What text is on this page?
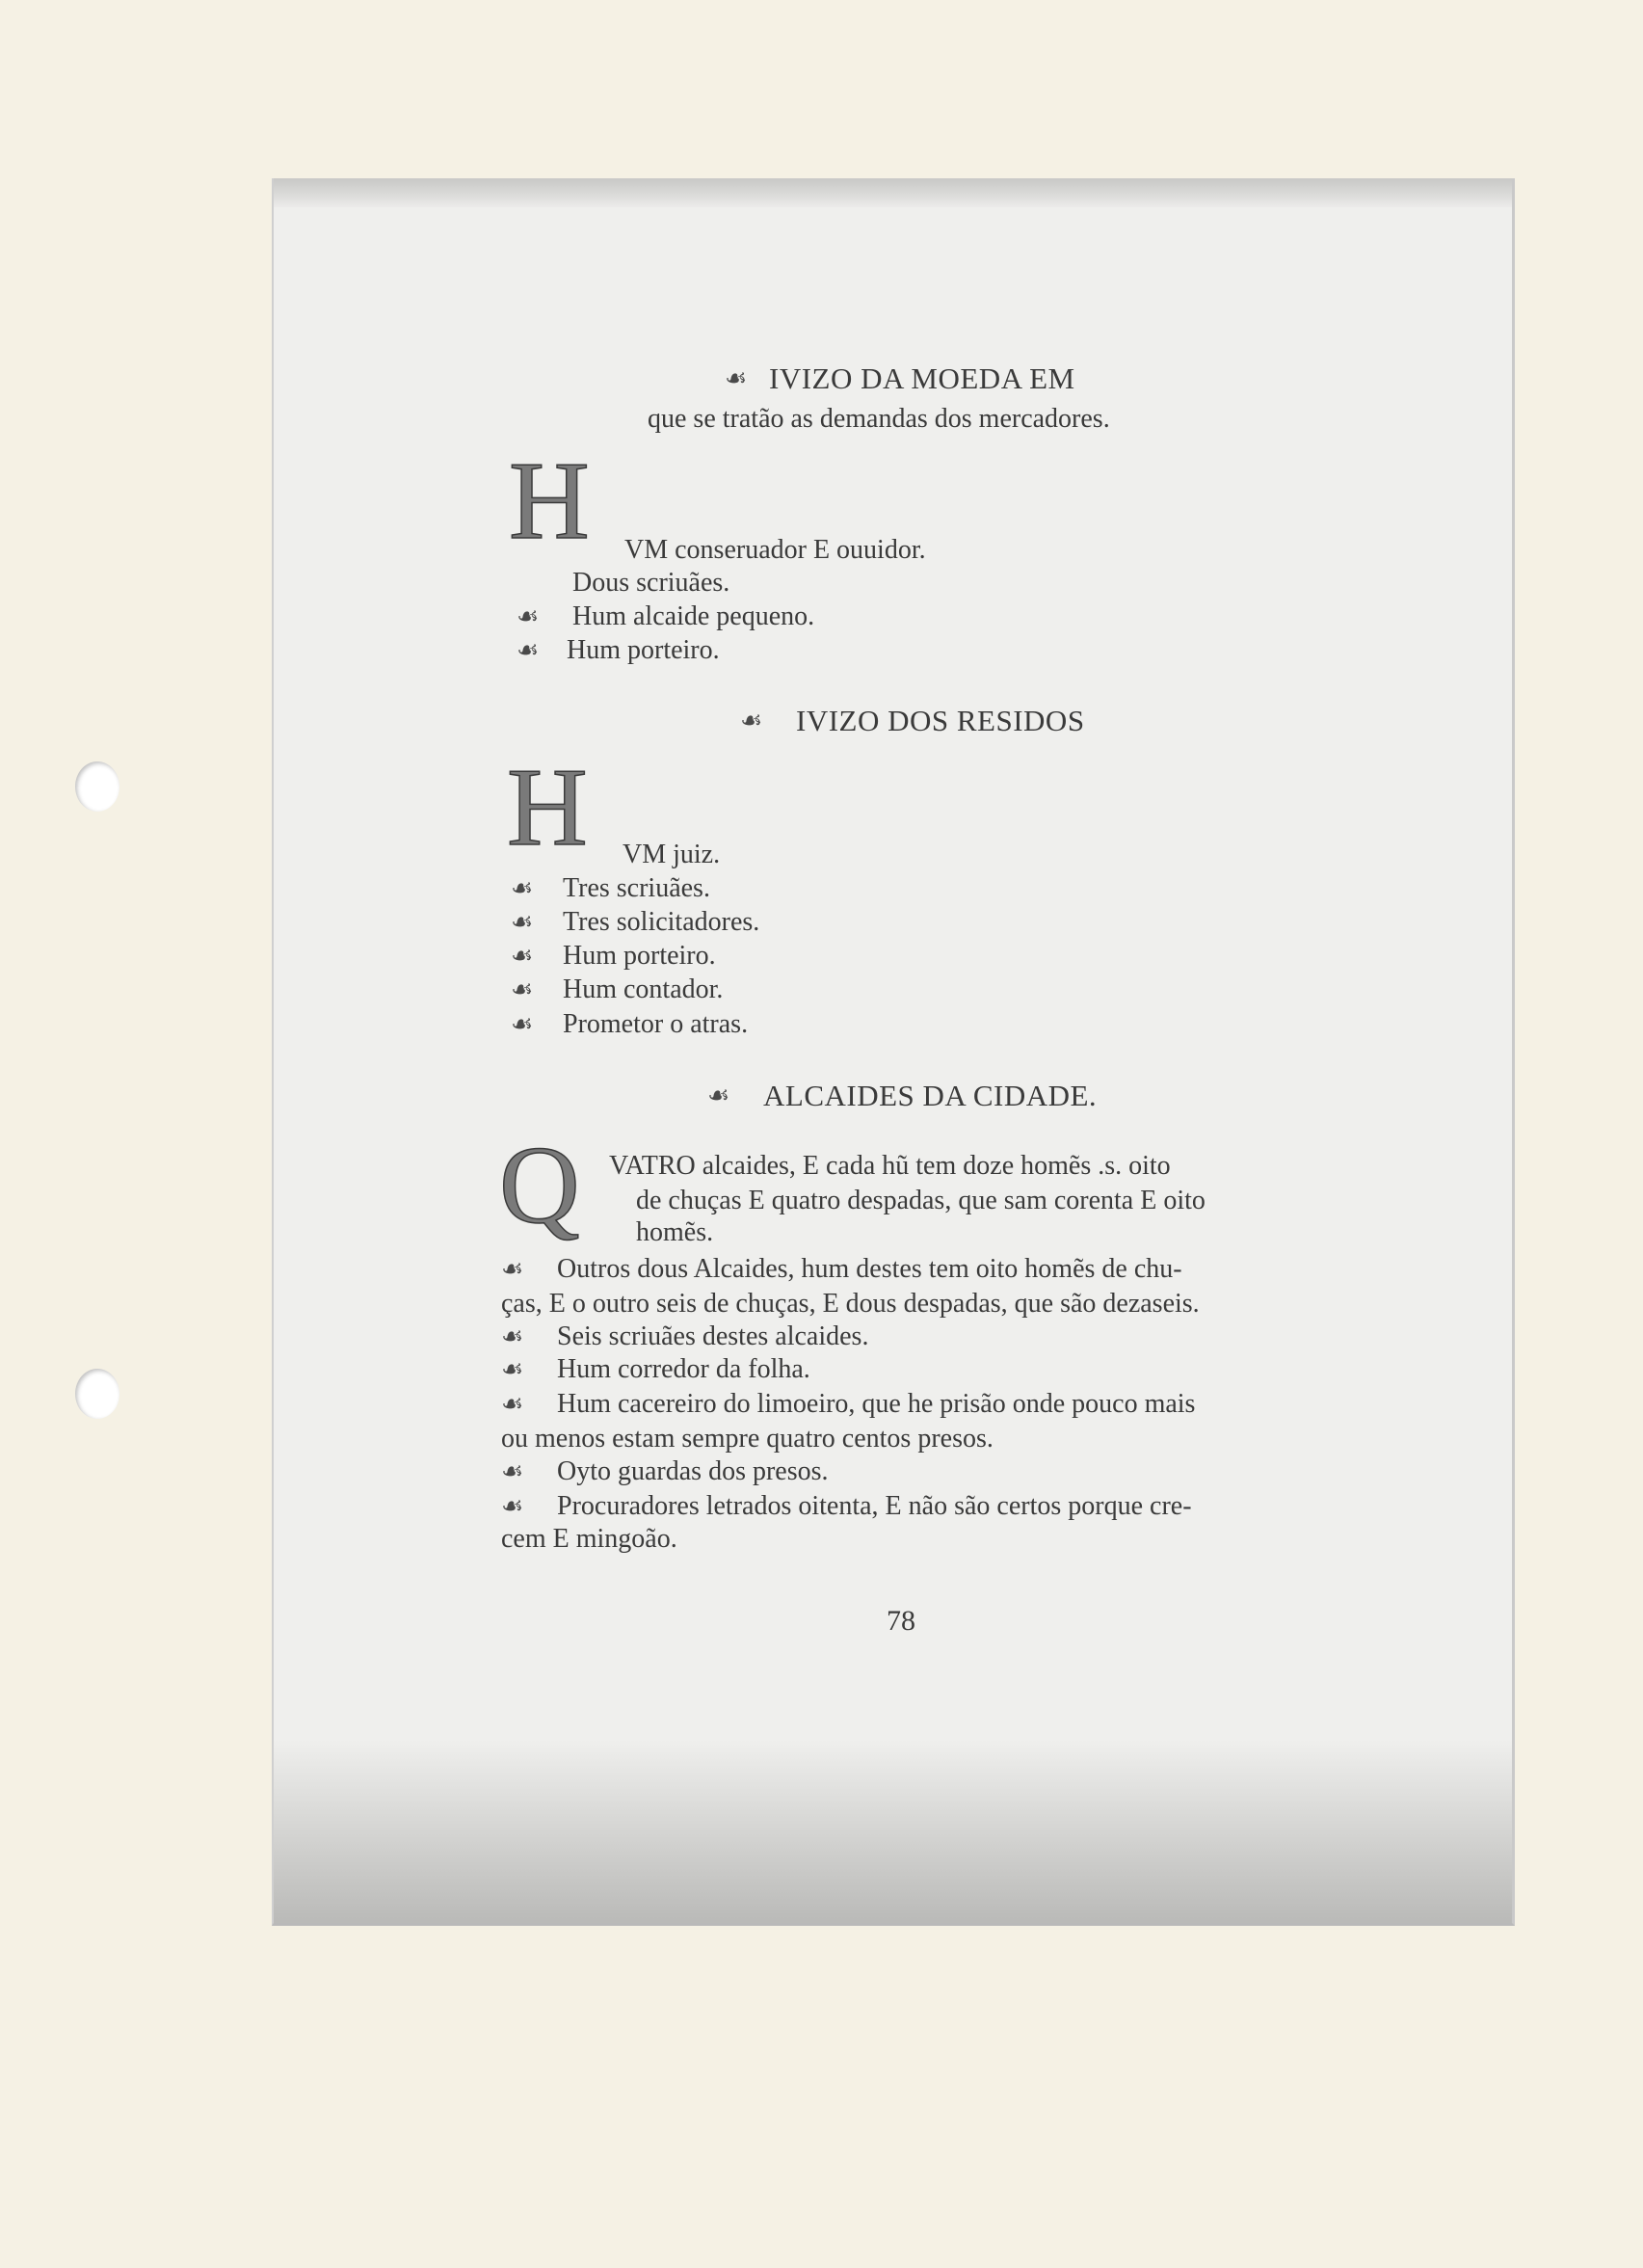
☙ IVIZO DA MOEDA EM
que se tratão as demandas dos mercadores.
H VM conseruador E ouuidor.
Dous scriuães.
☙ Hum alcaide pequeno.
☙ Hum porteiro.
☙ IVIZO DOS RESIDOS
H VM juiz.
☙ Tres scriuães.
☙ Tres solicitadores.
☙ Hum porteiro.
☙ Hum contador.
☙ Prometor o atras.
☙ ALCAIDES DA CIDADE.
Q VATRO alcaides, E cada hũ tem doze homẽs .s. oito
de chuças E quatro despadas, que sam corenta E oito
homẽs.
☙ Outros dous Alcaides, hum destes tem oito homẽs de chu-
ças, E o outro seis de chuças, E dous despadas, que são dezaseis.
☙ Seis scriuães destes alcaides.
☙ Hum corredor da folha.
☙ Hum cacereiro do limoeiro, que he prisão onde pouco mais
ou menos estam sempre quatro centos presos.
☙ Oyto guardas dos presos.
☙ Procuradores letrados oitenta, E não são certos porque cre-
cem E mingoão.
78
